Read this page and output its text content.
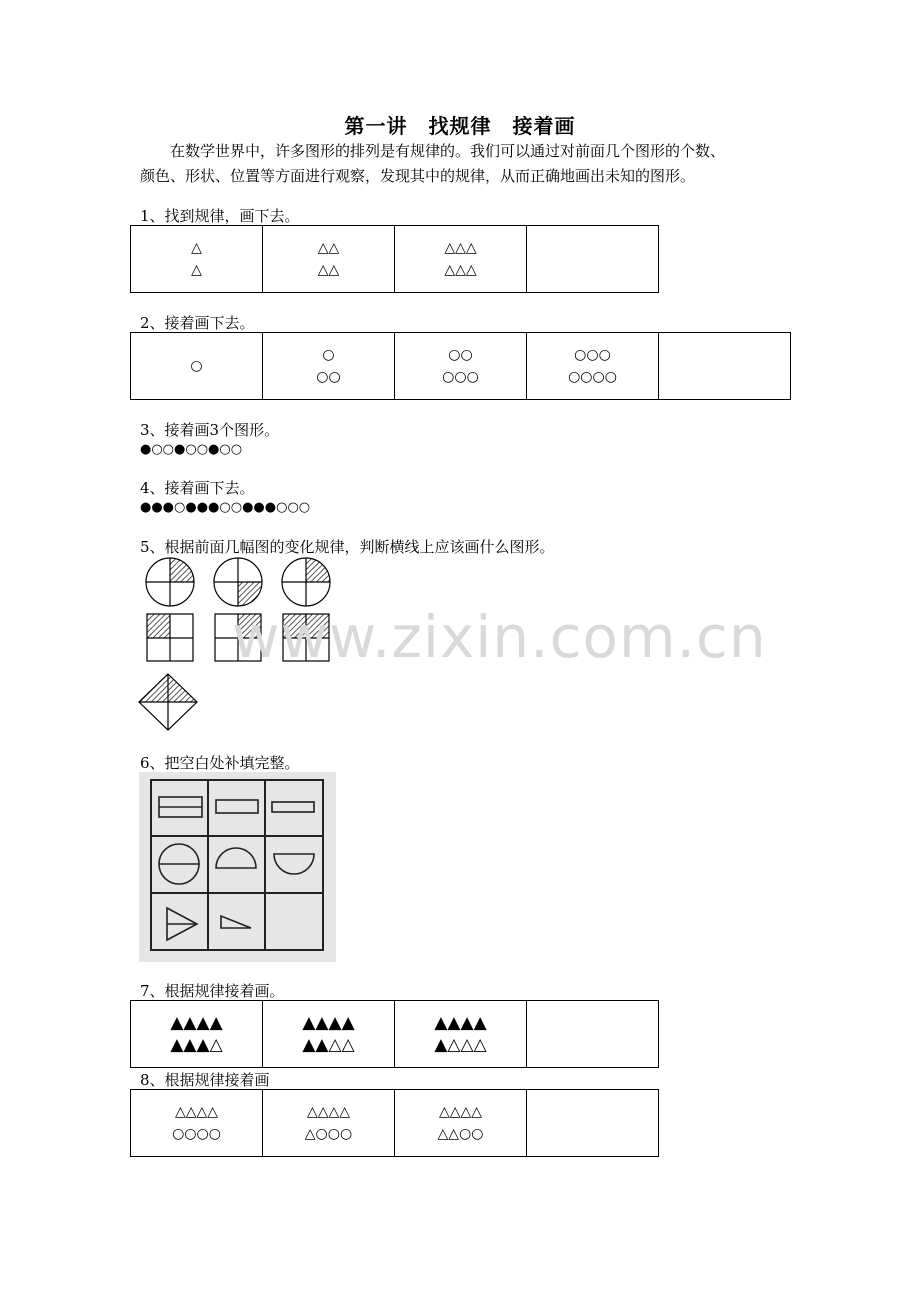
第一讲　找规律　接着画
　　在数学世界中，许多图形的排列是有规律的。我们可以通过对前面几个图形的个数、
颜色、形状、位置等方面进行观察，发现其中的规律，从而正确地画出未知的图形。
1、找到规律，画下去。
△
△

△△
△△

△△△
△△△

2、接着画下去。
○

○
○○

○○
○○○

○○○
○○○○

3、接着画3个图形。
●○○●○○●○○
4、接着画下去。
●●●○●●●○○●●●○○○
5、根据前面几幅图的变化规律，判断横线上应该画什么图形。
6、把空白处补填完整。
7、根据规律接着画。
▲▲▲▲
▲▲▲△

▲▲▲▲
▲▲△△

▲▲▲▲
▲△△△

8、根据规律接着画
△△△△
○○○○

△△△△
△○○○

△△△△
△△○○

www.zixin.com.cn
